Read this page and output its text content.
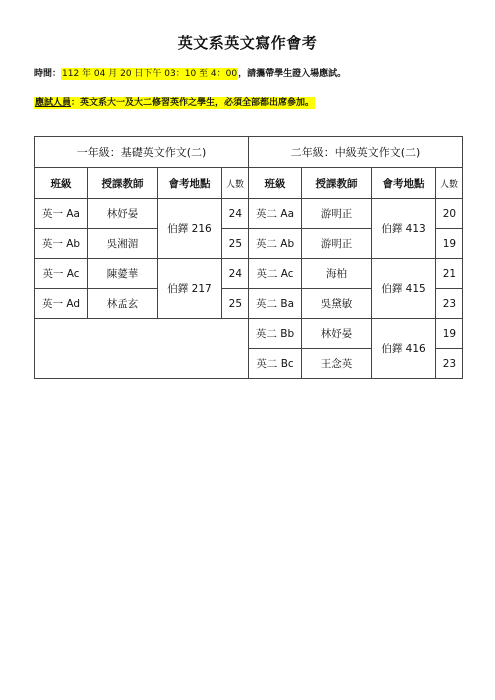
英文系英文寫作會考
時間：112 年 04 月 20 日下午 03：10 至 4：00，請攜帶學生證入場應試。
應試人員：英文系大一及大二修習英作之學生，必須全部都出席參加。
一年級：基礎英文作文(二)				二年級：中級英文作文(二)			
班級	授課教師	會考地點	人數	班級	授課教師	會考地點	人數
英一 Aa	林妤晏	伯鐸 216	24	英二 Aa	游明正	伯鐸 413	20
英一 Ab	吳湘湄		25	英二 Ab	游明正		19
英一 Ac	陳薆華	伯鐸 217	24	英二 Ac	海柏	伯鐸 415	21
英一 Ad	林孟玄		25	英二 Ba	吳黛敏		23
				英二 Bb	林妤晏	伯鐸 416	19
				英二 Bc	王念英		23
